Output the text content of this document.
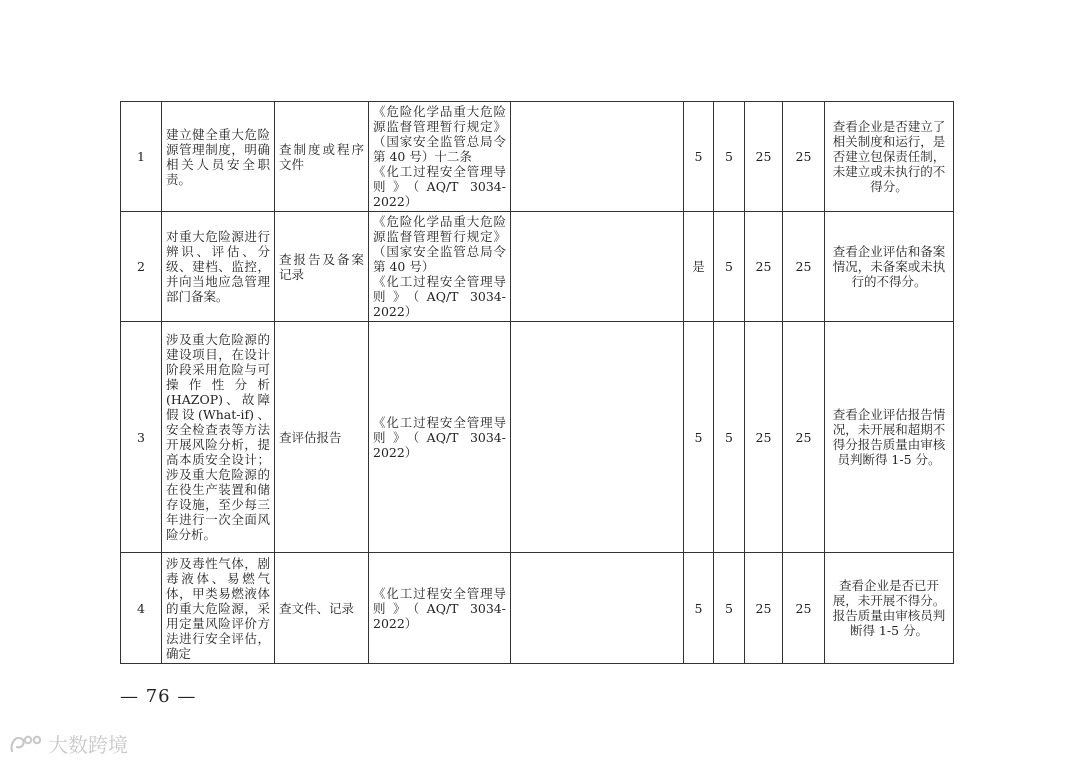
1	建立健全重大危险源管理制度，明确相关人员安全职责。	查制度或程序文件	《危险化学品重大危险源监督管理暂行规定》（国家安全监管总局令第 40 号）十二条
《化工过程安全管理导则》（AQ/T 3034-2022）		5	5	25	25	查看企业是否建立了相关制度和运行，是否建立包保责任制，未建立或未执行的不得分。
2	对重大危险源进行辨识、评估、分级、建档、监控，并向当地应急管理部门备案。	查报告及备案记录	《危险化学品重大危险源监督管理暂行规定》（国家安全监管总局令第 40 号）
《化工过程安全管理导则》（AQ/T 3034-2022）		是	5	25	25	查看企业评估和备案情况，未备案或未执行的不得分。
3	涉及重大危险源的建设项目，在设计阶段采用危险与可操作性分析(HAZOP)、故障假设(What-if)、安全检查表等方法开展风险分析，提高本质安全设计；涉及重大危险源的在役生产装置和储存设施，至少每三年进行一次全面风险分析。	查评估报告	《化工过程安全管理导则》（AQ/T 3034-2022）		5	5	25	25	查看企业评估报告情况，未开展和超期不得分报告质量由审核员判断得 1-5 分。
4	涉及毒性气体，剧毒液体、易燃气体，甲类易燃液体的重大危险源，采用定量风险评价方法进行安全评估，确定	查文件、记录	《化工过程安全管理导则》（AQ/T 3034-2022）		5	5	25	25	查看企业是否已开展，未开展不得分。报告质量由审核员判断得 1-5 分。
— 76 —
大数跨境
